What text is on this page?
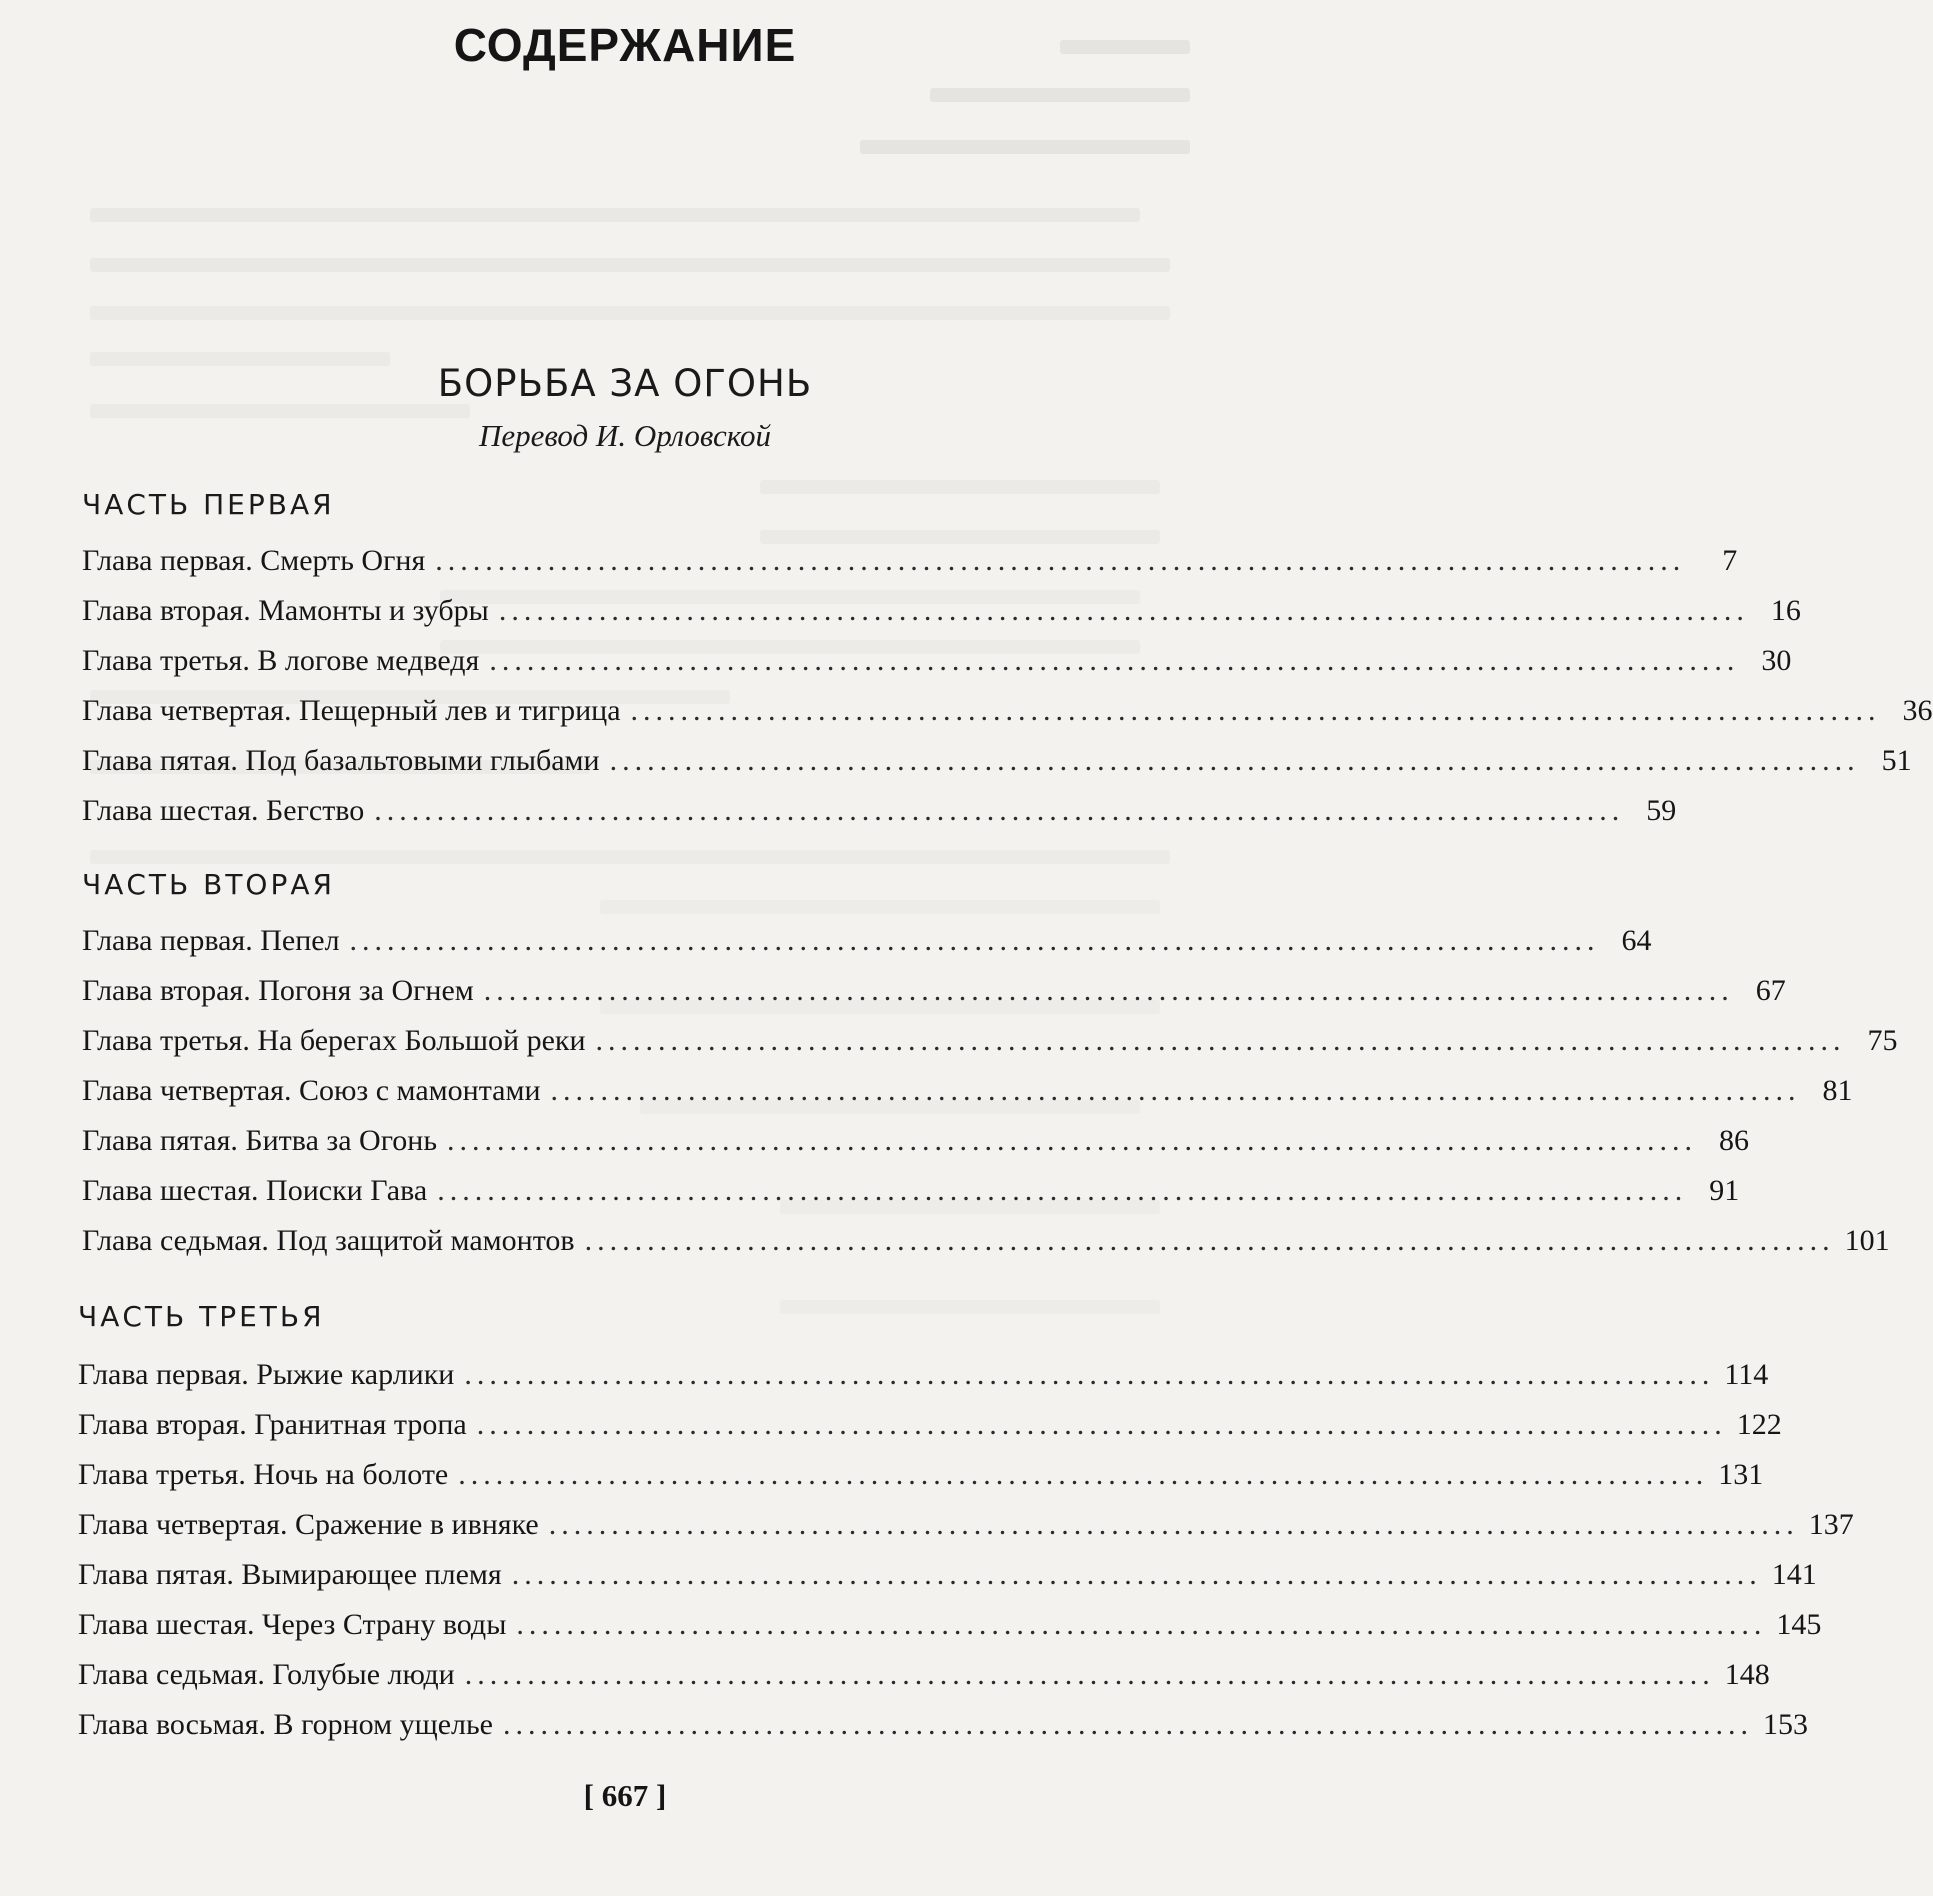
СОДЕРЖАНИЕ
БОРЬБА ЗА ОГОНЬ
Перевод И. Орловской
ЧАСТЬ ПЕРВАЯ
Глава первая. Смерть Огня ....................................................................................................	7
Глава вторая. Мамонты и зубры .................................................................................................... 16
Глава третья. В логове медведя .................................................................................................... 30
Глава четвертая. Пещерный лев и тигрица .................................................................................................... 36
Глава пятая. Под базальтовыми глыбами .................................................................................................... 51
Глава шестая. Бегство .................................................................................................... 59
ЧАСТЬ ВТОРАЯ
Глава первая. Пепел .................................................................................................... 64
Глава вторая. Погоня за Огнем .................................................................................................... 67
Глава третья. На берегах Большой реки .................................................................................................... 75
Глава четвертая. Союз с мамонтами .................................................................................................... 81
Глава пятая. Битва за Огонь .................................................................................................... 86
Глава шестая. Поиски Гава .................................................................................................... 91
Глава седьмая. Под защитой мамонтов .................................................................................................... 101
ЧАСТЬ ТРЕТЬЯ
Глава первая. Рыжие карлики .................................................................................................... 114
Глава вторая. Гранитная тропа .................................................................................................... 122
Глава третья. Ночь на болоте .................................................................................................... 131
Глава четвертая. Сражение в ивняке .................................................................................................... 137
Глава пятая. Вымирающее племя .................................................................................................... 141
Глава шестая. Через Страну воды .................................................................................................... 145
Глава седьмая. Голубые люди .................................................................................................... 148
Глава восьмая. В горном ущелье .................................................................................................... 153
[ 667 ]
